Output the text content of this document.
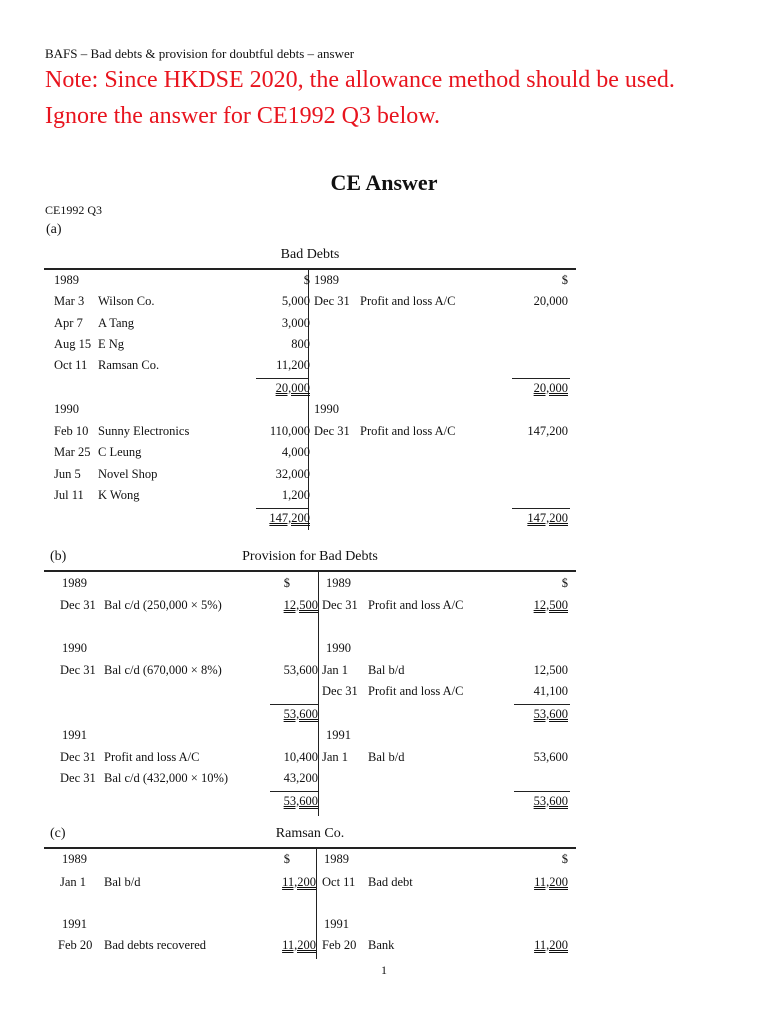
BAFS – Bad debts & provision for doubtful debts – answer
Note: Since HKDSE 2020, the allowance method should be used.
Ignore the answer for CE1992 Q3 below.
CE Answer
CE1992 Q3
(a)
Bad Debts
1989	$ 1989	$
Mar 3 Wilson Co.	5,000 Dec 31 Profit and loss A/C	20,000
Apr 7 A Tang	3,000
Aug 15 E Ng	800
Oct 11 Ramsan Co.	11,200
20,000	20,000
1990	1990
Feb 10 Sunny Electronics	110,000 Dec 31 Profit and loss A/C	147,200
Mar 25 C Leung	4,000
Jun 5 Novel Shop	32,000
Jul 11 K Wong	1,200
147,200	147,200
(b)	Provision for Bad Debts
1989	$	1989	$
Dec 31 Bal c/d (250,000 × 5%)	12,500 Dec 31 Profit and loss A/C	12,500
1990	1990
Dec 31 Bal c/d (670,000 × 8%)	53,600 Jan 1 Bal b/d	12,500
Dec 31 Profit and loss A/C	41,100
53,600	53,600
1991	1991
Dec 31 Profit and loss A/C	10,400 Jan 1 Bal b/d	53,600
Dec 31 Bal c/d (432,000 × 10%)	43,200
53,600	53,600
(c)	Ramsan Co.
1989	$	1989	$
Jan 1 Bal b/d	11,200 Oct 11 Bad debt	11,200
1991	1991
Feb 20 Bad debts recovered	11,200 Feb 20 Bank	11,200
1
